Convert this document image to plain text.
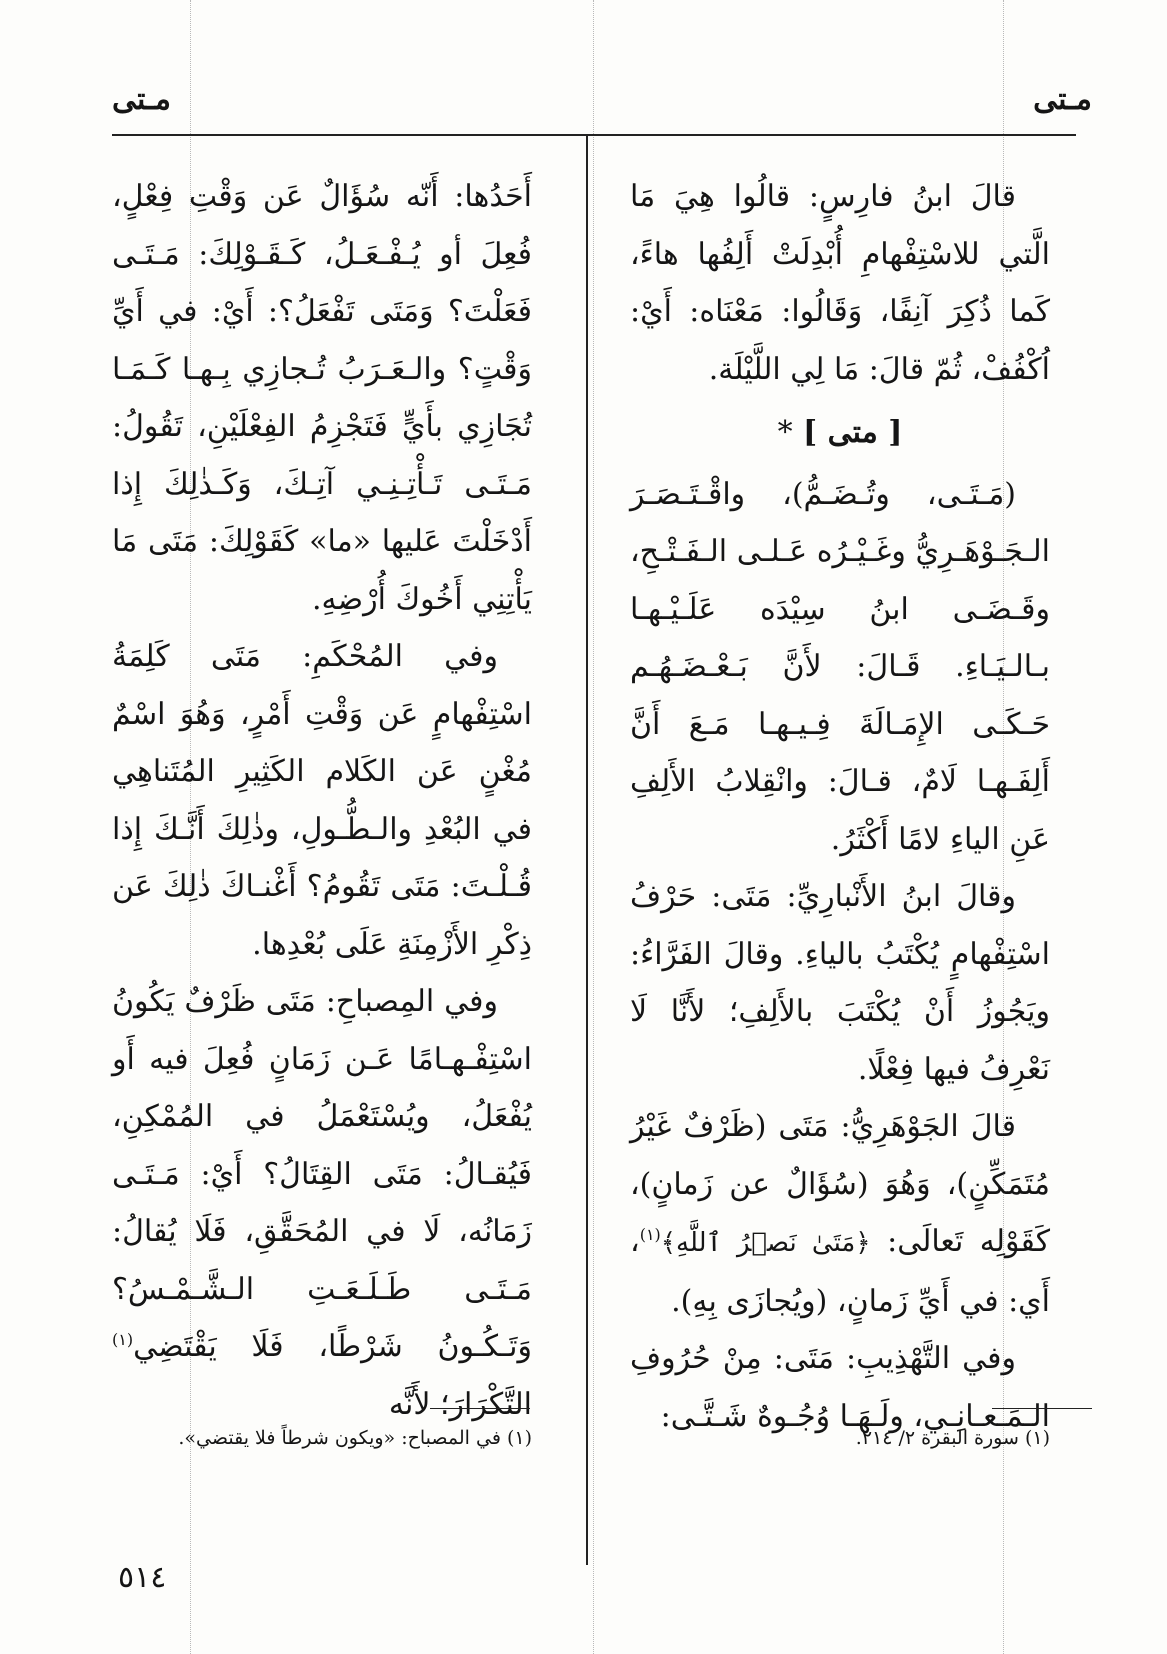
مـتى
مـتى

قالَ ابنُ فارِسٍ: قالُوا هِيَ مَا الَّتي للاسْتِفْهامِ أُبْدِلَتْ أَلِفُها هاءً، كَما ذُكِرَ آنِفًا، وَقَالُوا: مَعْنَاه: أَيْ: اُكْفُفْ، ثُمّ قالَ: مَا لِي اللَّيْلَة.

[ متى ] *

(مَـتَـى، وتُـضَـمُّ)، واقْـتَـصَـرَ الـجَـوْهَـرِيُّ وغَـيْـرُه عَـلـى الـفَـتْـحِ، وقَـضَـى ابنُ سِيْدَه عَلَـيْـهـا بـالـيَـاءِ. قَـالَ: لأَنَّ بَـعْـضَـهُـم حَـكَـى الإِمَـالَةَ فِـيـهـا مَـعَ أَنَّ أَلِفَـهـا لَامٌ، قـالَ: وانْقِلابُ الأَلِفِ عَنِ الياءِ لامًا أَكْثَرُ.

وقالَ ابنُ الأَنْبارِيِّ: مَتَى: حَرْفُ اسْتِفْهامٍ يُكْتَبُ بالياءِ. وقالَ الفَرَّاءُ: ويَجُوزُ أَنْ يُكْتَبَ بالأَلِفِ؛ لأَنَّا لَا نَعْرِفُ فيها فِعْلًا.

قالَ الجَوْهَرِيُّ: مَتَى (ظَرْفٌ غَيْرُ مُتَمَكِّنٍ)، وَهُوَ (سُؤَالٌ عن زَمانٍ)، كَقَوْلِه تَعالَى: ﴿مَتَىٰ نَصۡرُ ٱللَّهِ﴾$^{(١)}$، أَي: في أَيِّ زَمانٍ، (ويُجازَى بِهِ).

وفي التَّهْذِيبِ: مَتَى: مِنْ حُرُوفِ الـمَـعـانِـي، ولَـهَـا وُجُـوهٌ شَـتَّـى:

أَحَدُها: أَنّه سُؤَالٌ عَن وَقْتِ فِعْلٍ، فُعِلَ أو يُـفْـعَـلُ، كَـقَـوْلِكَ: مَـتَـى فَعَلْتَ؟ وَمَتَى تَفْعَلُ؟: أَيْ: في أَيِّ وَقْتٍ؟ والـعَـرَبُ تُـجازِي بِـهـا كَـمَـا تُجَازِي بأَيٍّ فَتَجْزِمُ الفِعْلَيْنِ، تَقُولُ: مَـتَـى تَـأْتِـنِـي آتِـكَ، وَكَـذٰلِكَ إِذا أَدْخَلْتَ عَليها «ما» كَقَوْلِكَ: مَتَى مَا يَأْتِنِي أَخُوكَ أُرْضِهِ.

وفي المُحْكَمِ: مَتَى كَلِمَةُ اسْتِفْهامٍ عَن وَقْتِ أَمْرٍ، وَهُوَ اسْمٌ مُغْنٍ عَن الكَلام الكَثِيرِ المُتَناهِي في البُعْدِ والـطُّـولِ، وذٰلِكَ أَنَّـكَ إِذا قُـلْـتَ: مَتَى تَقُومُ؟ أَغْنـاكَ ذٰلِكَ عَن ذِكْرِ الأَزْمِنَةِ عَلَى بُعْدِها.

وفي المِصباحِ: مَتَى ظَرْفٌ يَكُونُ اسْتِفْـهـامًا عَـن زَمَانٍ فُعِلَ فيه أَو يُفْعَلُ، ويُسْتَعْمَلُ في المُمْكِنِ، فَيُقـالُ: مَتَى القِتَالُ؟ أَيْ: مَـتَـى زَمَانُه، لَا في المُحَقَّقِ، فَلَا يُقالُ: مَـتَـى طَـلَـعَـتِ الـشَّـمْـسُ؟ وَتَـكُـونُ شَرْطًا، فَلَا يَقْتَضِي$^{(١)}$ التَّكْرَارَ؛ لأَنَّه

(١) سورة البقرة ٢/ ٢١٤.
(١) في المصباح: «ويكون شرطاً فلا يقتضي».
٥١٤
